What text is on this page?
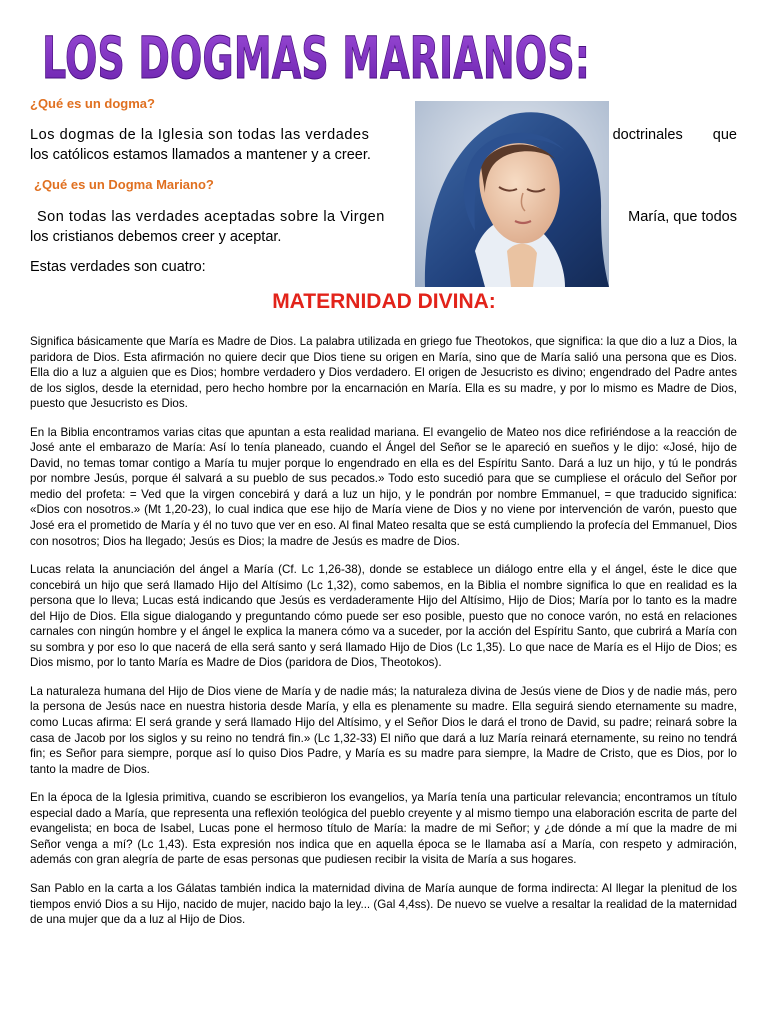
LOS DOGMAS MARIANOS:

¿Qué es un dogma?

Los dogmas de la Iglesia son todas las verdades	doctrinales que
los católicos estamos llamados a mantener y a creer.

¿Qué es un Dogma Mariano?

Son todas las verdades aceptadas sobre la Virgen	María, que todos
los cristianos debemos creer y aceptar.

Estas verdades son cuatro:

MATERNIDAD DIVINA:

Significa básicamente que María es Madre de Dios. La palabra utilizada en griego fue Theotokos, que significa: la que dio a luz a Dios, la paridora de Dios. Esta afirmación no quiere decir que Dios tiene su origen en María, sino que de María salió una persona que es Dios. Ella dio a luz a alguien que es Dios; hombre verdadero y Dios verdadero. El origen de Jesucristo es divino; engendrado del Padre antes de los siglos, desde la eternidad, pero hecho hombre por la encarnación en María. Ella es su madre, y por lo mismo es Madre de Dios, puesto que Jesucristo es Dios.

En la Biblia encontramos varias citas que apuntan a esta realidad mariana. El evangelio de Mateo nos dice refiriéndose a la reacción de José ante el embarazo de María: Así lo tenía planeado, cuando el Ángel del Señor se le apareció en sueños y le dijo: «José, hijo de David, no temas tomar contigo a María tu mujer porque lo engendrado en ella es del Espíritu Santo. Dará a luz un hijo, y tú le pondrás por nombre Jesús, porque él salvará a su pueblo de sus pecados.» Todo esto sucedió para que se cumpliese el oráculo del Señor por medio del profeta: = Ved que la virgen concebirá y dará a luz un hijo, y le pondrán por nombre Emmanuel, = que traducido significa: «Dios con nosotros.» (Mt 1,20-23), lo cual indica que ese hijo de María viene de Dios y no viene por intervención de varón, puesto que José era el prometido de María y él no tuvo que ver en eso. Al final Mateo resalta que se está cumpliendo la profecía del Emmanuel, Dios con nosotros; Dios ha llegado; Jesús es Dios; la madre de Jesús es madre de Dios.

Lucas relata la anunciación del ángel a María (Cf. Lc 1,26-38), donde se establece un diálogo entre ella y el ángel, éste le dice que concebirá un hijo que será llamado Hijo del Altísimo (Lc 1,32), como sabemos, en la Biblia el nombre significa lo que en realidad es la persona que lo lleva; Lucas está indicando que Jesús es verdaderamente Hijo del Altísimo, Hijo de Dios; María por lo tanto es la madre del Hijo de Dios. Ella sigue dialogando y preguntando cómo puede ser eso posible, puesto que no conoce varón, no está en relaciones carnales con ningún hombre y el ángel le explica la manera cómo va a suceder, por la acción del Espíritu Santo, que cubrirá a María con su sombra y por eso lo que nacerá de ella será santo y será llamado Hijo de Dios (Lc 1,35). Lo que nace de María es el Hijo de Dios; es Dios mismo, por lo tanto María es Madre de Dios (paridora de Dios, Theotokos).

La naturaleza humana del Hijo de Dios viene de María y de nadie más; la naturaleza divina de Jesús viene de Dios y de nadie más, pero la persona de Jesús nace en nuestra historia desde María, y ella es plenamente su madre. Ella seguirá siendo eternamente su madre, como Lucas afirma: El será grande y será llamado Hijo del Altísimo, y el Señor Dios le dará el trono de David, su padre; reinará sobre la casa de Jacob por los siglos y su reino no tendrá fin.» (Lc 1,32-33) El niño que dará a luz María reinará eternamente, su reino no tendrá fin; es Señor para siempre, porque así lo quiso Dios Padre, y María es su madre para siempre, la Madre de Cristo, que es Dios, por lo tanto la madre de Dios.

En la época de la Iglesia primitiva, cuando se escribieron los evangelios, ya María tenía una particular relevancia; encontramos un título especial dado a María, que representa una reflexión teológica del pueblo creyente y al mismo tiempo una elaboración escrita de parte del evangelista; en boca de Isabel, Lucas pone el hermoso título de María: la madre de mi Señor; y ¿de dónde a mí que la madre de mi Señor venga a mí? (Lc 1,43). Esta expresión nos indica que en aquella época se le llamaba así a María, con respeto y admiración, además con gran alegría de parte de esas personas que pudiesen recibir la visita de María a sus hogares.

San Pablo en la carta a los Gálatas también indica la maternidad divina de María aunque de forma indirecta: Al llegar la plenitud de los tiempos envió Dios a su Hijo, nacido de mujer, nacido bajo la ley... (Gal 4,4ss). De nuevo se vuelve a resaltar la realidad de la maternidad de una mujer que da a luz al Hijo de Dios.
